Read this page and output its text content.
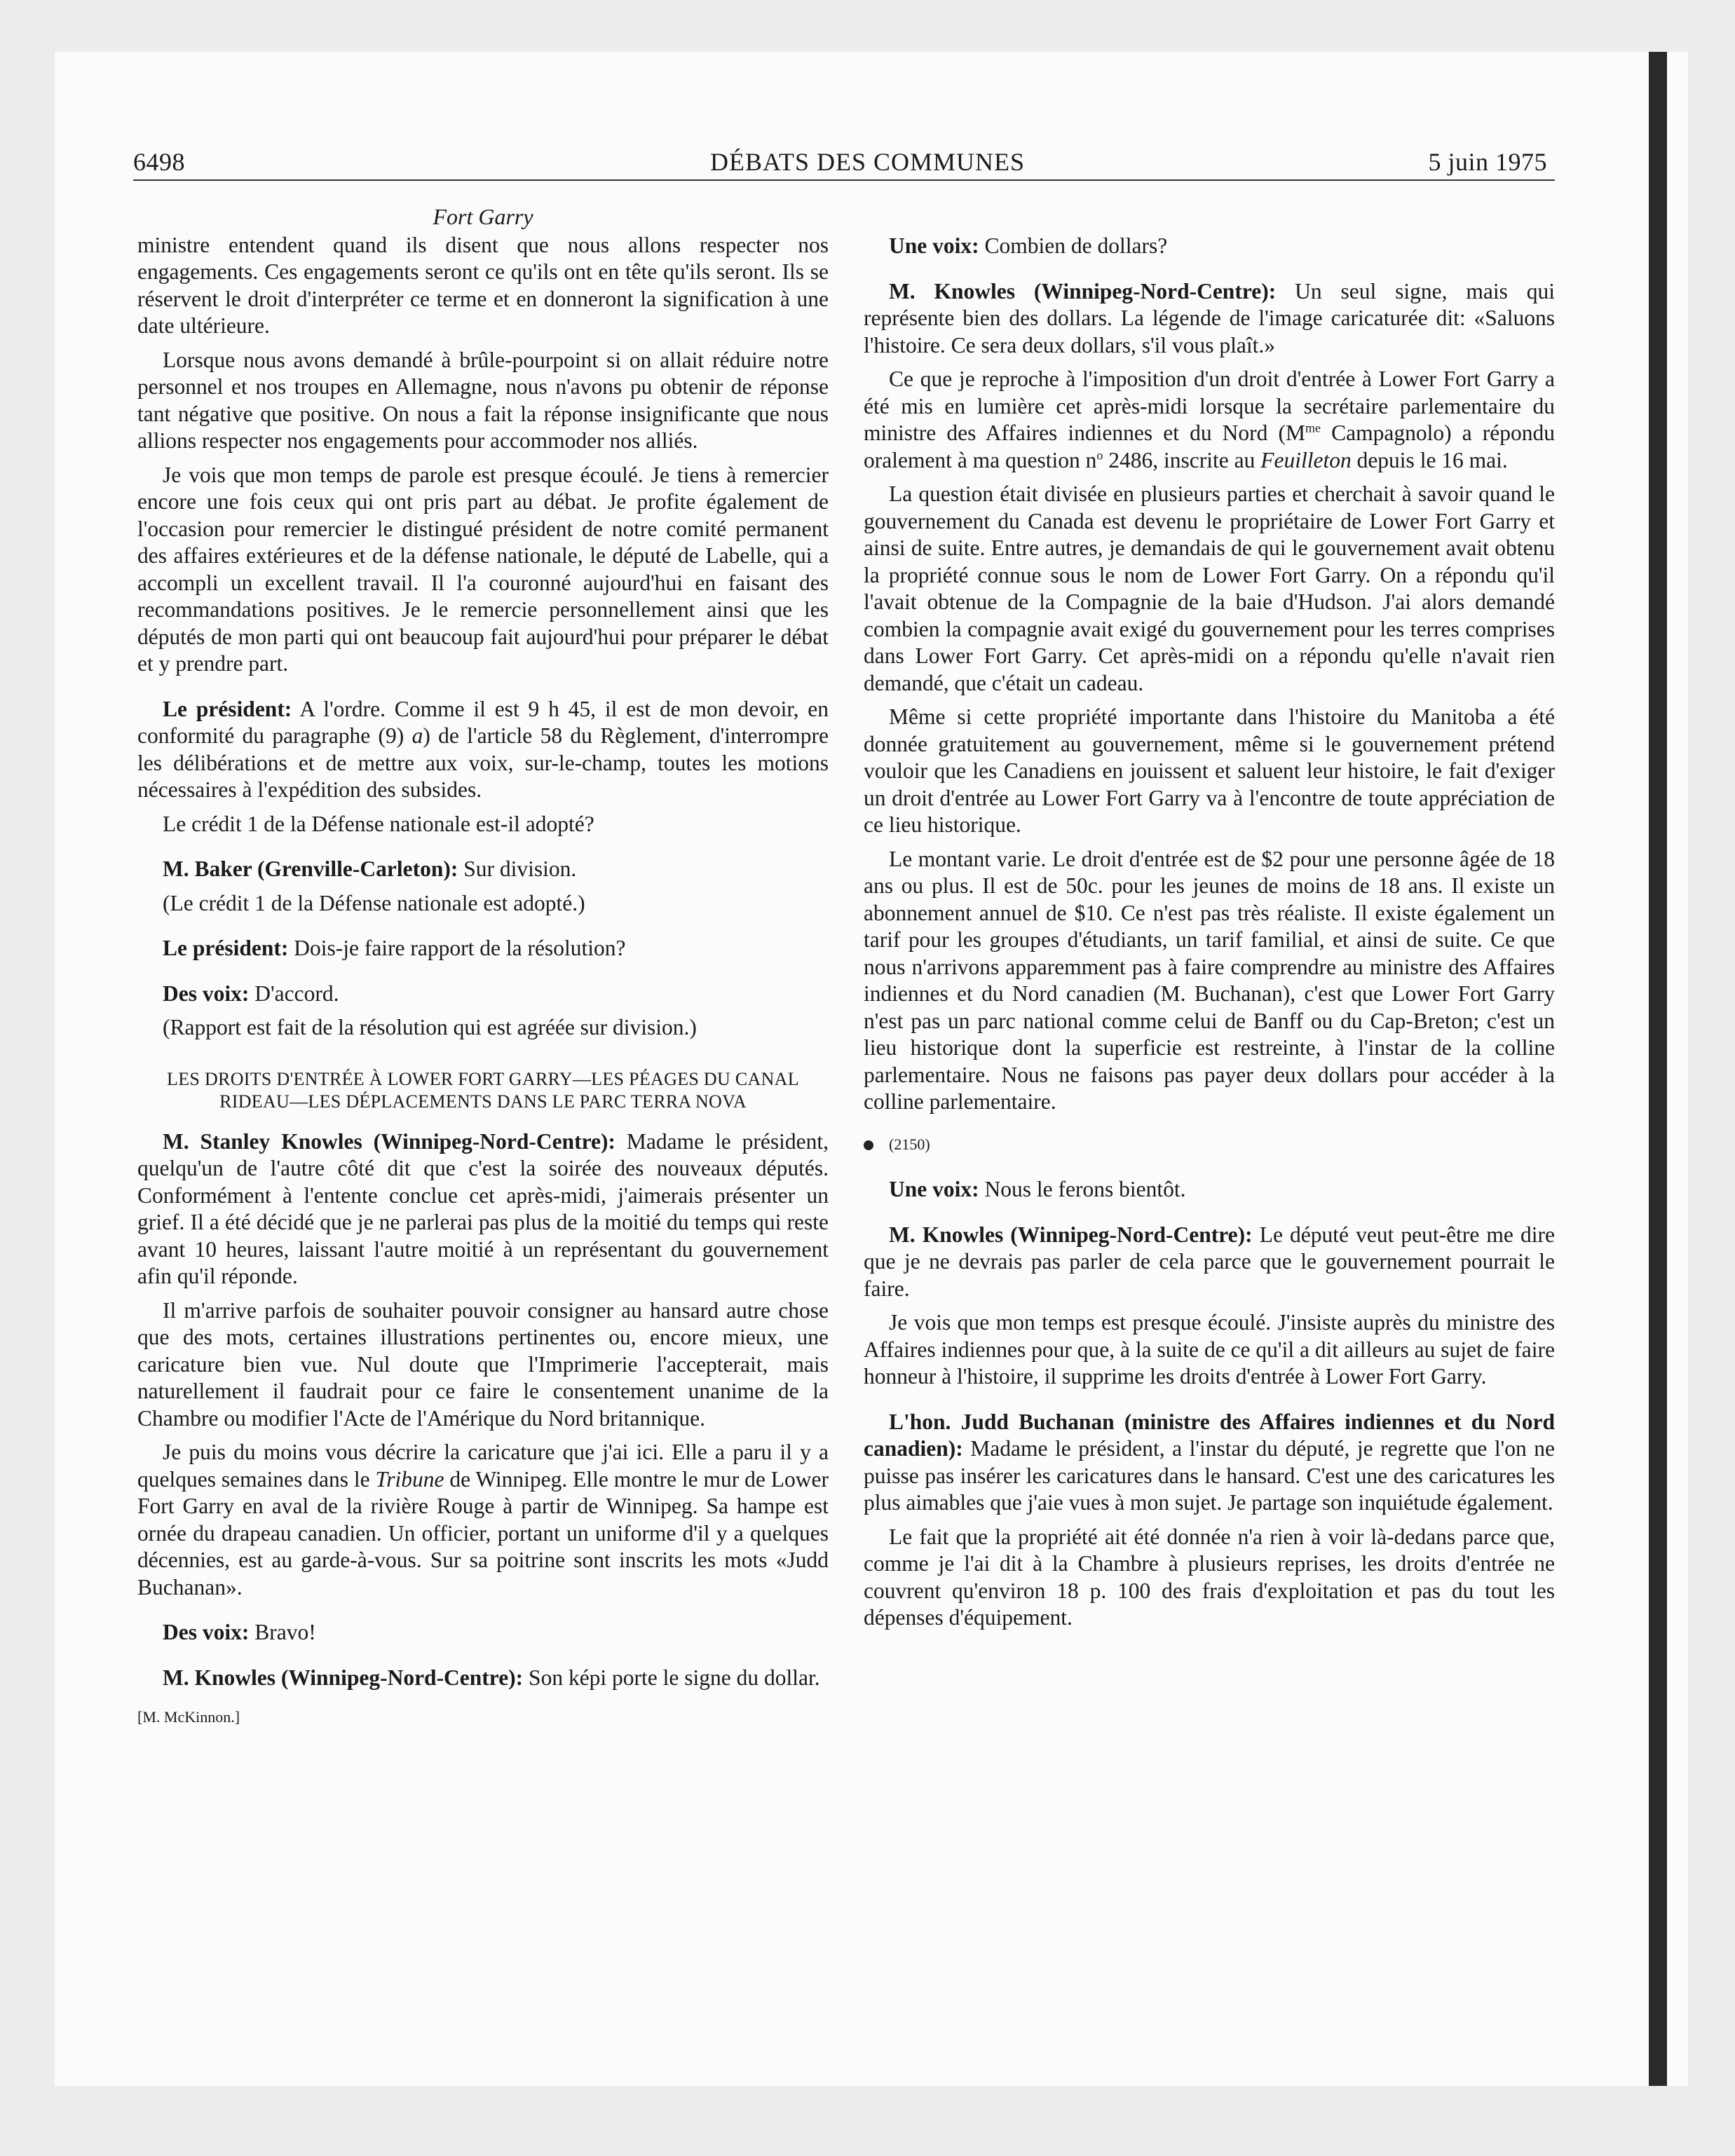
6498	DÉBATS DES COMMUNES	5 juin 1975
Fort Garry

ministre entendent quand ils disent que nous allons respecter nos engagements. Ces engagements seront ce qu'ils ont en tête qu'ils seront. Ils se réservent le droit d'interpréter ce terme et en donneront la signification à une date ultérieure.

Lorsque nous avons demandé à brûle-pourpoint si on allait réduire notre personnel et nos troupes en Allemagne, nous n'avons pu obtenir de réponse tant négative que positive. On nous a fait la réponse insignificante que nous allions respecter nos engagements pour accommoder nos alliés.

Je vois que mon temps de parole est presque écoulé. Je tiens à remercier encore une fois ceux qui ont pris part au débat. Je profite également de l'occasion pour remercier le distingué président de notre comité permanent des affaires extérieures et de la défense nationale, le député de Labelle, qui a accompli un excellent travail. Il l'a couronné aujourd'hui en faisant des recommandations positives. Je le remercie personnellement ainsi que les députés de mon parti qui ont beaucoup fait aujourd'hui pour préparer le débat et y prendre part.

Le président: A l'ordre. Comme il est 9 h 45, il est de mon devoir, en conformité du paragraphe (9) a) de l'article 58 du Règlement, d'interrompre les délibérations et de mettre aux voix, sur-le-champ, toutes les motions nécessaires à l'expédition des subsides.

Le crédit 1 de la Défense nationale est-il adopté?

M. Baker (Grenville-Carleton): Sur division.

(Le crédit 1 de la Défense nationale est adopté.)

Le président: Dois-je faire rapport de la résolution?

Des voix: D'accord.

(Rapport est fait de la résolution qui est agréée sur division.)

LES DROITS D'ENTRÉE À LOWER FORT GARRY—LES PÉAGES DU CANAL RIDEAU—LES DÉPLACEMENTS DANS LE PARC TERRA NOVA

M. Stanley Knowles (Winnipeg-Nord-Centre): Madame le président, quelqu'un de l'autre côté dit que c'est la soirée des nouveaux députés. Conformément à l'entente conclue cet après-midi, j'aimerais présenter un grief. Il a été décidé que je ne parlerai pas plus de la moitié du temps qui reste avant 10 heures, laissant l'autre moitié à un représentant du gouvernement afin qu'il réponde.

Il m'arrive parfois de souhaiter pouvoir consigner au hansard autre chose que des mots, certaines illustrations pertinentes ou, encore mieux, une caricature bien vue. Nul doute que l'Imprimerie l'accepterait, mais naturellement il faudrait pour ce faire le consentement unanime de la Chambre ou modifier l'Acte de l'Amérique du Nord britannique.

Je puis du moins vous décrire la caricature que j'ai ici. Elle a paru il y a quelques semaines dans le Tribune de Winnipeg. Elle montre le mur de Lower Fort Garry en aval de la rivière Rouge à partir de Winnipeg. Sa hampe est ornée du drapeau canadien. Un officier, portant un uniforme d'il y a quelques décennies, est au garde-à-vous. Sur sa poitrine sont inscrits les mots «Judd Buchanan».

Des voix: Bravo!

M. Knowles (Winnipeg-Nord-Centre): Son képi porte le signe du dollar.

[M. McKinnon.]

Une voix: Combien de dollars?

M. Knowles (Winnipeg-Nord-Centre): Un seul signe, mais qui représente bien des dollars. La légende de l'image caricaturée dit: «Saluons l'histoire. Ce sera deux dollars, s'il vous plaît.»

Ce que je reproche à l'imposition d'un droit d'entrée à Lower Fort Garry a été mis en lumière cet après-midi lorsque la secrétaire parlementaire du ministre des Affaires indiennes et du Nord ($M^{me}$ Campagnolo) a répondu oralement à ma question $n^o$ 2486, inscrite au Feuilleton depuis le 16 mai.

La question était divisée en plusieurs parties et cherchait à savoir quand le gouvernement du Canada est devenu le propriétaire de Lower Fort Garry et ainsi de suite. Entre autres, je demandais de qui le gouvernement avait obtenu la propriété connue sous le nom de Lower Fort Garry. On a répondu qu'il l'avait obtenue de la Compagnie de la baie d'Hudson. J'ai alors demandé combien la compagnie avait exigé du gouvernement pour les terres comprises dans Lower Fort Garry. Cet après-midi on a répondu qu'elle n'avait rien demandé, que c'était un cadeau.

Même si cette propriété importante dans l'histoire du Manitoba a été donnée gratuitement au gouvernement, même si le gouvernement prétend vouloir que les Canadiens en jouissent et saluent leur histoire, le fait d'exiger un droit d'entrée au Lower Fort Garry va à l'encontre de toute appréciation de ce lieu historique.

Le montant varie. Le droit d'entrée est de $2 pour une personne âgée de 18 ans ou plus. Il est de 50c. pour les jeunes de moins de 18 ans. Il existe un abonnement annuel de $10. Ce n'est pas très réaliste. Il existe également un tarif pour les groupes d'étudiants, un tarif familial, et ainsi de suite. Ce que nous n'arrivons apparemment pas à faire comprendre au ministre des Affaires indiennes et du Nord canadien (M. Buchanan), c'est que Lower Fort Garry n'est pas un parc national comme celui de Banff ou du Cap-Breton; c'est un lieu historique dont la superficie est restreinte, à l'instar de la colline parlementaire. Nous ne faisons pas payer deux dollars pour accéder à la colline parlementaire.

(2150)

Une voix: Nous le ferons bientôt.

M. Knowles (Winnipeg-Nord-Centre): Le député veut peut-être me dire que je ne devrais pas parler de cela parce que le gouvernement pourrait le faire.

Je vois que mon temps est presque écoulé. J'insiste auprès du ministre des Affaires indiennes pour que, à la suite de ce qu'il a dit ailleurs au sujet de faire honneur à l'histoire, il supprime les droits d'entrée à Lower Fort Garry.

L'hon. Judd Buchanan (ministre des Affaires indiennes et du Nord canadien): Madame le président, a l'instar du député, je regrette que l'on ne puisse pas insérer les caricatures dans le hansard. C'est une des caricatures les plus aimables que j'aie vues à mon sujet. Je partage son inquiétude également.

Le fait que la propriété ait été donnée n'a rien à voir là-dedans parce que, comme je l'ai dit à la Chambre à plusieurs reprises, les droits d'entrée ne couvrent qu'environ 18 p. 100 des frais d'exploitation et pas du tout les dépenses d'équipement.
